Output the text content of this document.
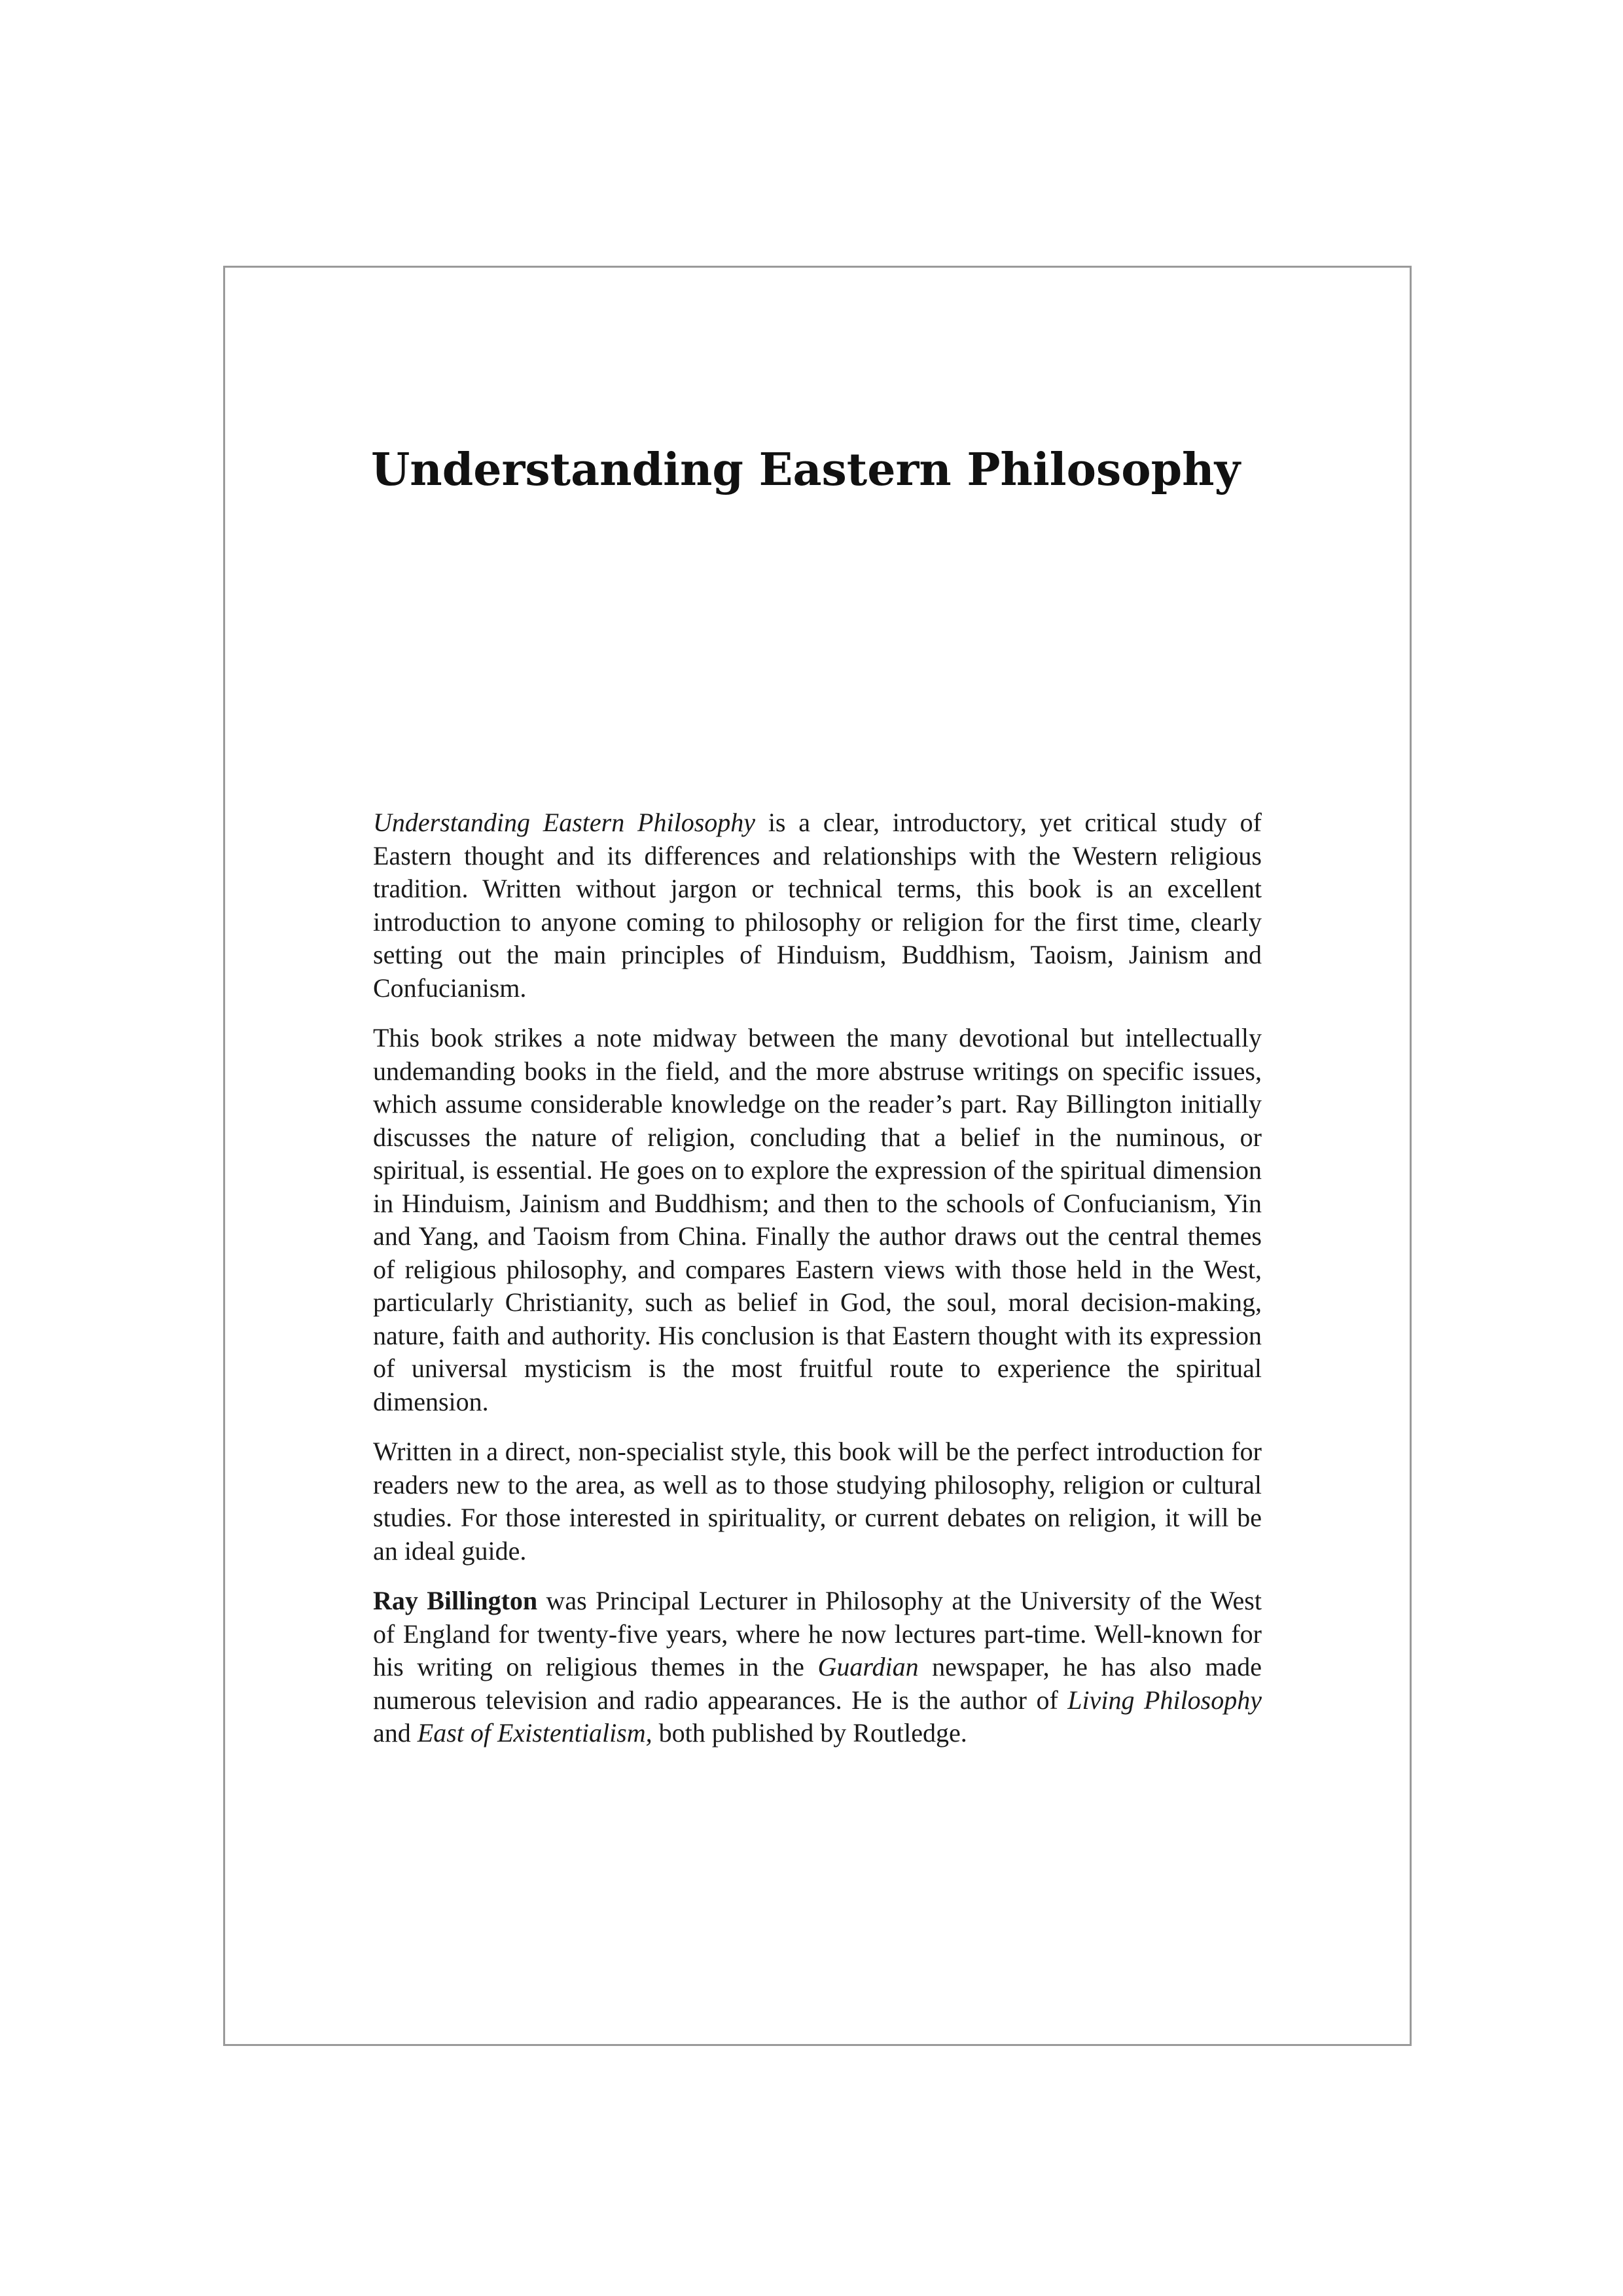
Understanding Eastern Philosophy

Understanding Eastern Philosophy is a clear, introductory, yet critical study of Eastern thought and its differences and relationships with the Western religious tradition. Written without jargon or technical terms, this book is an excellent introduction to anyone coming to philosophy or religion for the first time, clearly setting out the main principles of Hinduism, Buddhism, Taoism, Jainism and Confucianism.

This book strikes a note midway between the many devotional but intellectually undemanding books in the field, and the more abstruse writings on specific issues, which assume considerable knowledge on the reader’s part. Ray Billington initially discusses the nature of religion, concluding that a belief in the numinous, or spiritual, is essential. He goes on to explore the expression of the spiritual dimension in Hinduism, Jainism and Buddhism; and then to the schools of Confucianism, Yin and Yang, and Taoism from China. Finally the author draws out the central themes of religious philosophy, and compares Eastern views with those held in the West, particularly Christianity, such as belief in God, the soul, moral decision-making, nature, faith and authority. His conclusion is that Eastern thought with its expression of universal mysticism is the most fruitful route to experience the spiritual dimension.

Written in a direct, non-specialist style, this book will be the perfect introduction for readers new to the area, as well as to those studying philosophy, religion or cultural studies. For those interested in spirituality, or current debates on religion, it will be an ideal guide.

Ray Billington was Principal Lecturer in Philosophy at the University of the West of England for twenty-five years, where he now lectures part-time. Well-known for his writing on religious themes in the Guardian newspaper, he has also made numerous television and radio appearances. He is the author of Living Philosophy and East of Existentialism, both published by Routledge.
